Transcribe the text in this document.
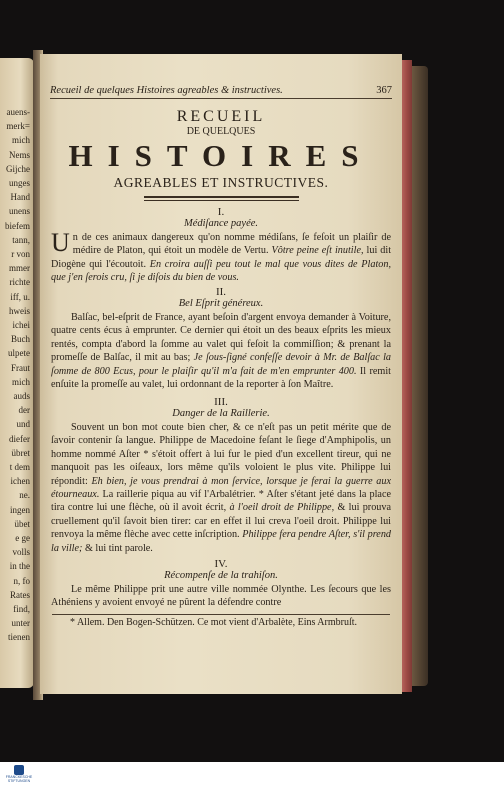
auens-
merk=
mich
Nems
Gijche
unges
Hand
unens
biefem
tann,
r von
mmer
richte
iff, u.
hweis
ichei
Buch
ulpete
Fraut
mich
auds
der
und
diefer
übret
t dem
ichen
ne.
ingen
übet
e ge
volls
in the
n, fo
Rates
find,
unter
tienen
Recueil de quelques Histoires agreables & instructives.	367
RECUEIL
DE QUELQUES
HISTOIRES
AGREABLES ET INSTRUCTIVES.
I.
Médiſance payée.
Un de ces animaux dangereux qu'on nomme médiſans, ſe feſoit un plaiſir de médire de Platon, qui étoit un modèle de Vertu. Vôtre peine eſt inutile, lui dit Diogène qui l'écoutoit. En croira auſſi peu tout le mal que vous dites de Platon, que j'en ſerois cru, ſi je diſois du bien de vous.
II.
Bel Eſprit généreux.
Balſac, bel-eſprit de France, ayant beſoin d'argent envoya demander à Voiture, quatre cents écus à emprunter. Ce dernier qui étoit un des beaux eſprits les mieux rentés, compta d'abord la ſomme au valet qui feſoit la commiſſion; & prenant la promeſſe de Balſac, il mit au bas; Je ſous-ſigné confeſſe devoir à Mr. de Balſac la ſomme de 800 Ecus, pour le plaiſir qu'il m'a fait de m'en emprunter 400. Il remit enſuite la promeſſe au valet, lui ordonnant de la reporter à ſon Maître.
III.
Danger de la Raillerie.
Souvent un bon mot coute bien cher, & ce n'eſt pas un petit mérite que de ſavoir contenir ſa langue. Philippe de Macedoine feſant le ſiege d'Amphipolis, un homme nommé Aſter * s'étoit offert à lui fur le pied d'un excellent tireur, qui ne manquoit pas les oiſeaux, lors même qu'ils voloient le plus vite. Philippe lui répondit: Eh bien, je vous prendrai à mon ſervice, lorsque je ferai la guerre aux étourneaux. La raillerie piqua au vif l'Arbalétrier. * Aſter s'étant jeté dans la place tira contre lui une flèche, où il avoit écrit, à l'oeil droit de Philippe, & lui prouva cruellement qu'il ſavoit bien tirer: car en effet il lui creva l'oeil droit. Philippe lui renvoya la même flèche avec cette inſcription. Philippe fera pendre Aſter, s'il prend la ville; & lui tint parole.
IV.
Récompenſe de la trahiſon.
Le même Philippe prit une autre ville nommée Olynthe. Les ſecours que les Athéniens y avoient envoyé ne pûrent la défendre contre
* Allem. Den Bogen-Schützen. Ce mot vient d'Arbalète, Eins Armbruſt.
FRANCKESCHE STIFTUNGEN
